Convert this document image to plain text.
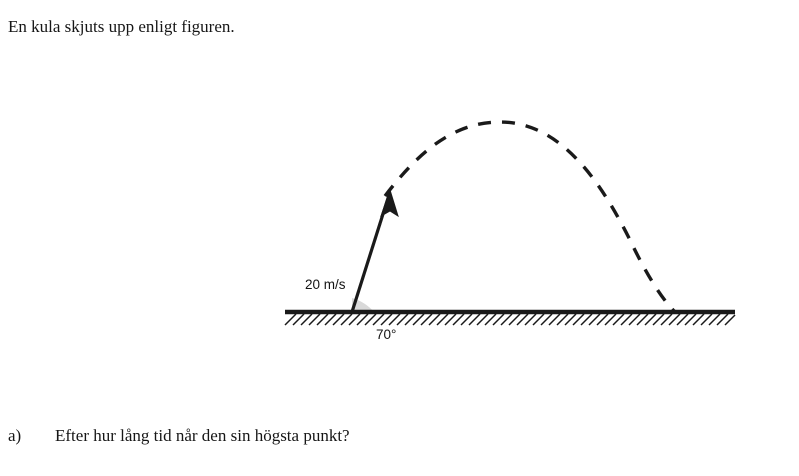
En kula skjuts upp enligt figuren.
20 m/s
70°
a) Efter hur lång tid når den sin högsta punkt?
